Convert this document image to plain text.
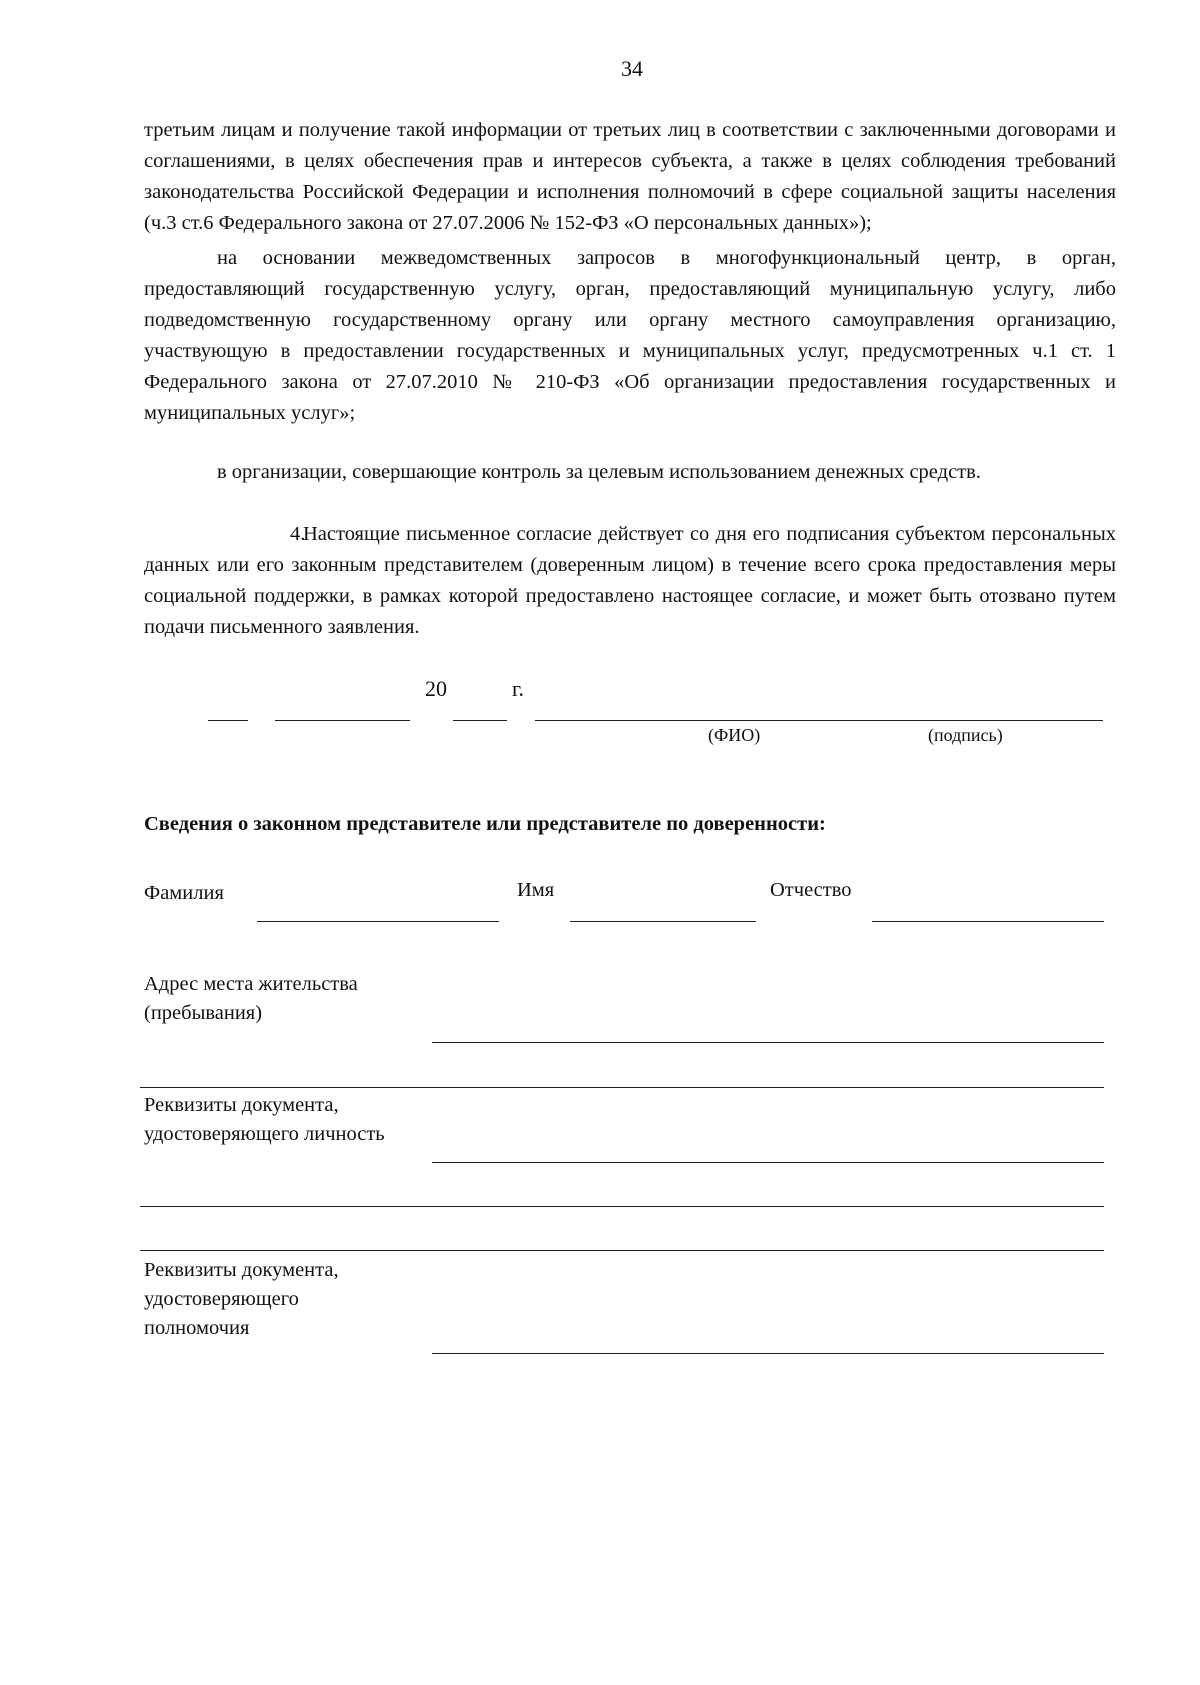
34

третьим лицам и получение такой информации от третьих лиц в соответствии с заключенными договорами и соглашениями, в целях обеспечения прав и интересов субъекта, а также в целях соблюдения требований законодательства Российской Федерации и исполнения полномочий в сфере социальной защиты населения (ч.3 ст.6 Федерального закона от 27.07.2006 № 152-ФЗ «О персональных данных»);

на основании межведомственных запросов в многофункциональный центр, в орган, предоставляющий государственную услугу, орган, предоставляющий муниципальную услугу, либо подведомственную государственному органу или органу местного самоуправления организацию, участвующую в предоставлении государственных и муниципальных услуг, предусмотренных ч.1 ст. 1 Федерального закона от 27.07.2010 № 210-ФЗ «Об организации предоставления государственных и муниципальных услуг»;

в организации, совершающие контроль за целевым использованием денежных средств.

4.Настоящие письменное согласие действует со дня его подписания субъектом персональных данных или его законным представителем (доверенным лицом) в течение всего срока предоставления меры социальной поддержки, в рамках которой предоставлено настоящее согласие, и может быть отозвано путем подачи письменного заявления.

20	г.
(ФИО)	(подпись)

Сведения о законном представителе или представителе по доверенности:

Фамилия	Имя	Отчество
Адрес места жительства
(пребывания)
Реквизиты документа,
удостоверяющего личность
Реквизиты документа,
удостоверяющего
полномочия
